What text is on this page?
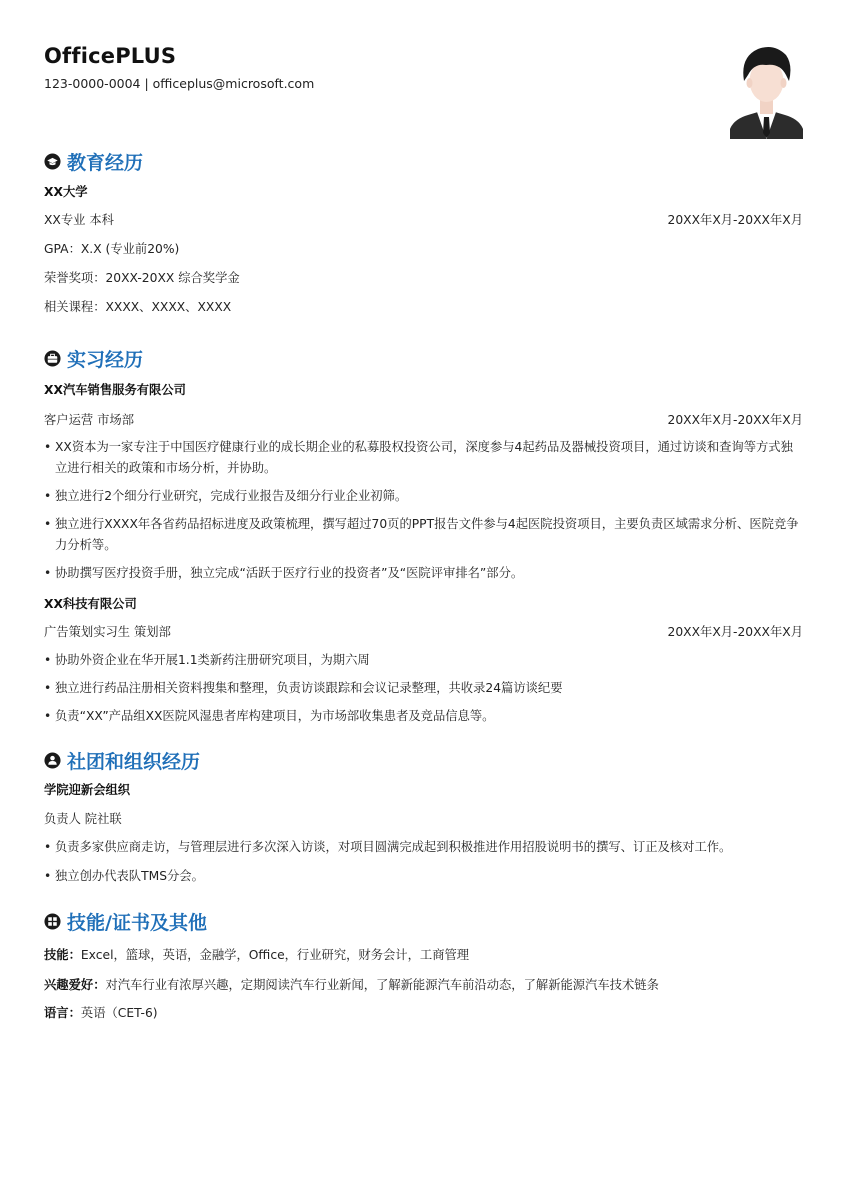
OfficePLUS
123-0000-0004 | officeplus@microsoft.com
教育经历
XX大学
XX专业 本科	20XX年X月-20XX年X月
GPA：X.X (专业前20%)
荣誉奖项：20XX-20XX 综合奖学金
相关课程：XXXX、XXXX、XXXX
实习经历
XX汽车销售服务有限公司
客户运营 市场部	20XX年X月-20XX年X月
• XX资本为一家专注于中国医疗健康行业的成长期企业的私募股权投资公司，深度参与4起药品及器械投资项目，通过访谈和查询等方式独立进行相关的政策和市场分析，并协助。
• 独立进行2个细分行业研究，完成行业报告及细分行业企业初筛。
• 独立进行XXXX年各省药品招标进度及政策梳理，撰写超过70页的PPT报告文件参与4起医院投资项目，主要负责区域需求分析、医院竞争力分析等。
• 协助撰写医疗投资手册，独立完成“活跃于医疗行业的投资者”及“医院评审排名”部分。
XX科技有限公司
广告策划实习生 策划部	20XX年X月-20XX年X月
• 协助外资企业在华开展1.1类新药注册研究项目，为期六周
• 独立进行药品注册相关资料搜集和整理，负责访谈跟踪和会议记录整理，共收录24篇访谈纪要
• 负责“XX”产品组XX医院风湿患者库构建项目，为市场部收集患者及竞品信息等。
社团和组织经历
学院迎新会组织
负责人 院社联
• 负责多家供应商走访，与管理层进行多次深入访谈，对项目圆满完成起到积极推进作用招股说明书的撰写、订正及核对工作。
• 独立创办代表队TMS分会。
技能/证书及其他
技能：Excel，篮球，英语，金融学，Office，行业研究，财务会计，工商管理
兴趣爱好：对汽车行业有浓厚兴趣，定期阅读汽车行业新闻，了解新能源汽车前沿动态，了解新能源汽车技术链条
语言：英语（CET-6)
